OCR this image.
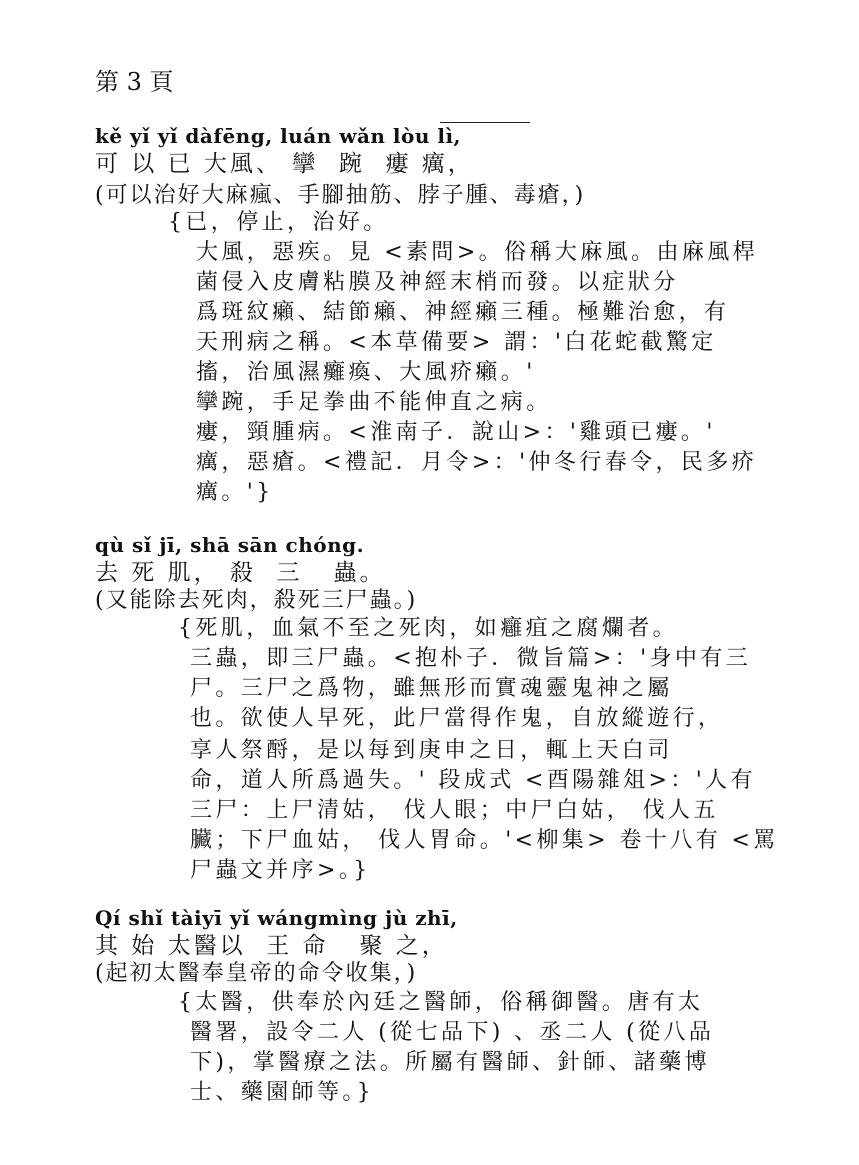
第 3 頁
kě yǐ yǐ dàfēng, luán wǎn lòu lì,
可 以 已 大風、 攣  踠  瘻 癘，
(可以治好大麻瘋、手腳抽筋、脖子腫、毒瘡，)
{已，停止，治好。
大風，惡疾。見 <素問>。俗稱大麻風。由麻風桿
菌侵入皮膚粘膜及神經末梢而發。以症狀分
爲斑紋癩、結節癩、神經癩三種。極難治愈，有
天刑病之稱。<本草備要> 謂：'白花蛇截驚定
搐，治風濕癱瘓、大風疥癩。'
攣踠，手足拳曲不能伸直之病。
瘻，頸腫病。<淮南子．說山>：'雞頭已瘻。'
癘，惡瘡。<禮記．月令>：'仲冬行春令，民多疥
癘。'}
qù sǐ jī, shā sān chóng.
去 死 肌， 殺  三   蟲。
(又能除去死肉，殺死三尸蟲。)
{死肌，血氣不至之死肉，如癰疽之腐爛者。
三蟲，即三尸蟲。<抱朴子．微旨篇>：'身中有三
尸。三尸之爲物，雖無形而實魂靈鬼神之屬
也。欲使人早死，此尸當得作鬼，自放縱遊行，
享人祭酹，是以每到庚申之日，輒上天白司
命，道人所爲過失。' 段成式 <酉陽雜俎>：'人有
三尸：上尸清姑， 伐人眼；中尸白姑， 伐人五
臟；下尸血姑， 伐人胃命。'<柳集> 卷十八有 <罵
尸蟲文并序>。}
Qí shǐ tàiyī yǐ wángmìng jù zhī,
其 始 太醫以  王 命   聚 之，
(起初太醫奉皇帝的命令收集，)
{太醫，供奉於內廷之醫師，俗稱御醫。唐有太
醫署，設令二人 (從七品下) 、丞二人 (從八品
下)，掌醫療之法。所屬有醫師、針師、諸藥博
士、藥園師等。}
